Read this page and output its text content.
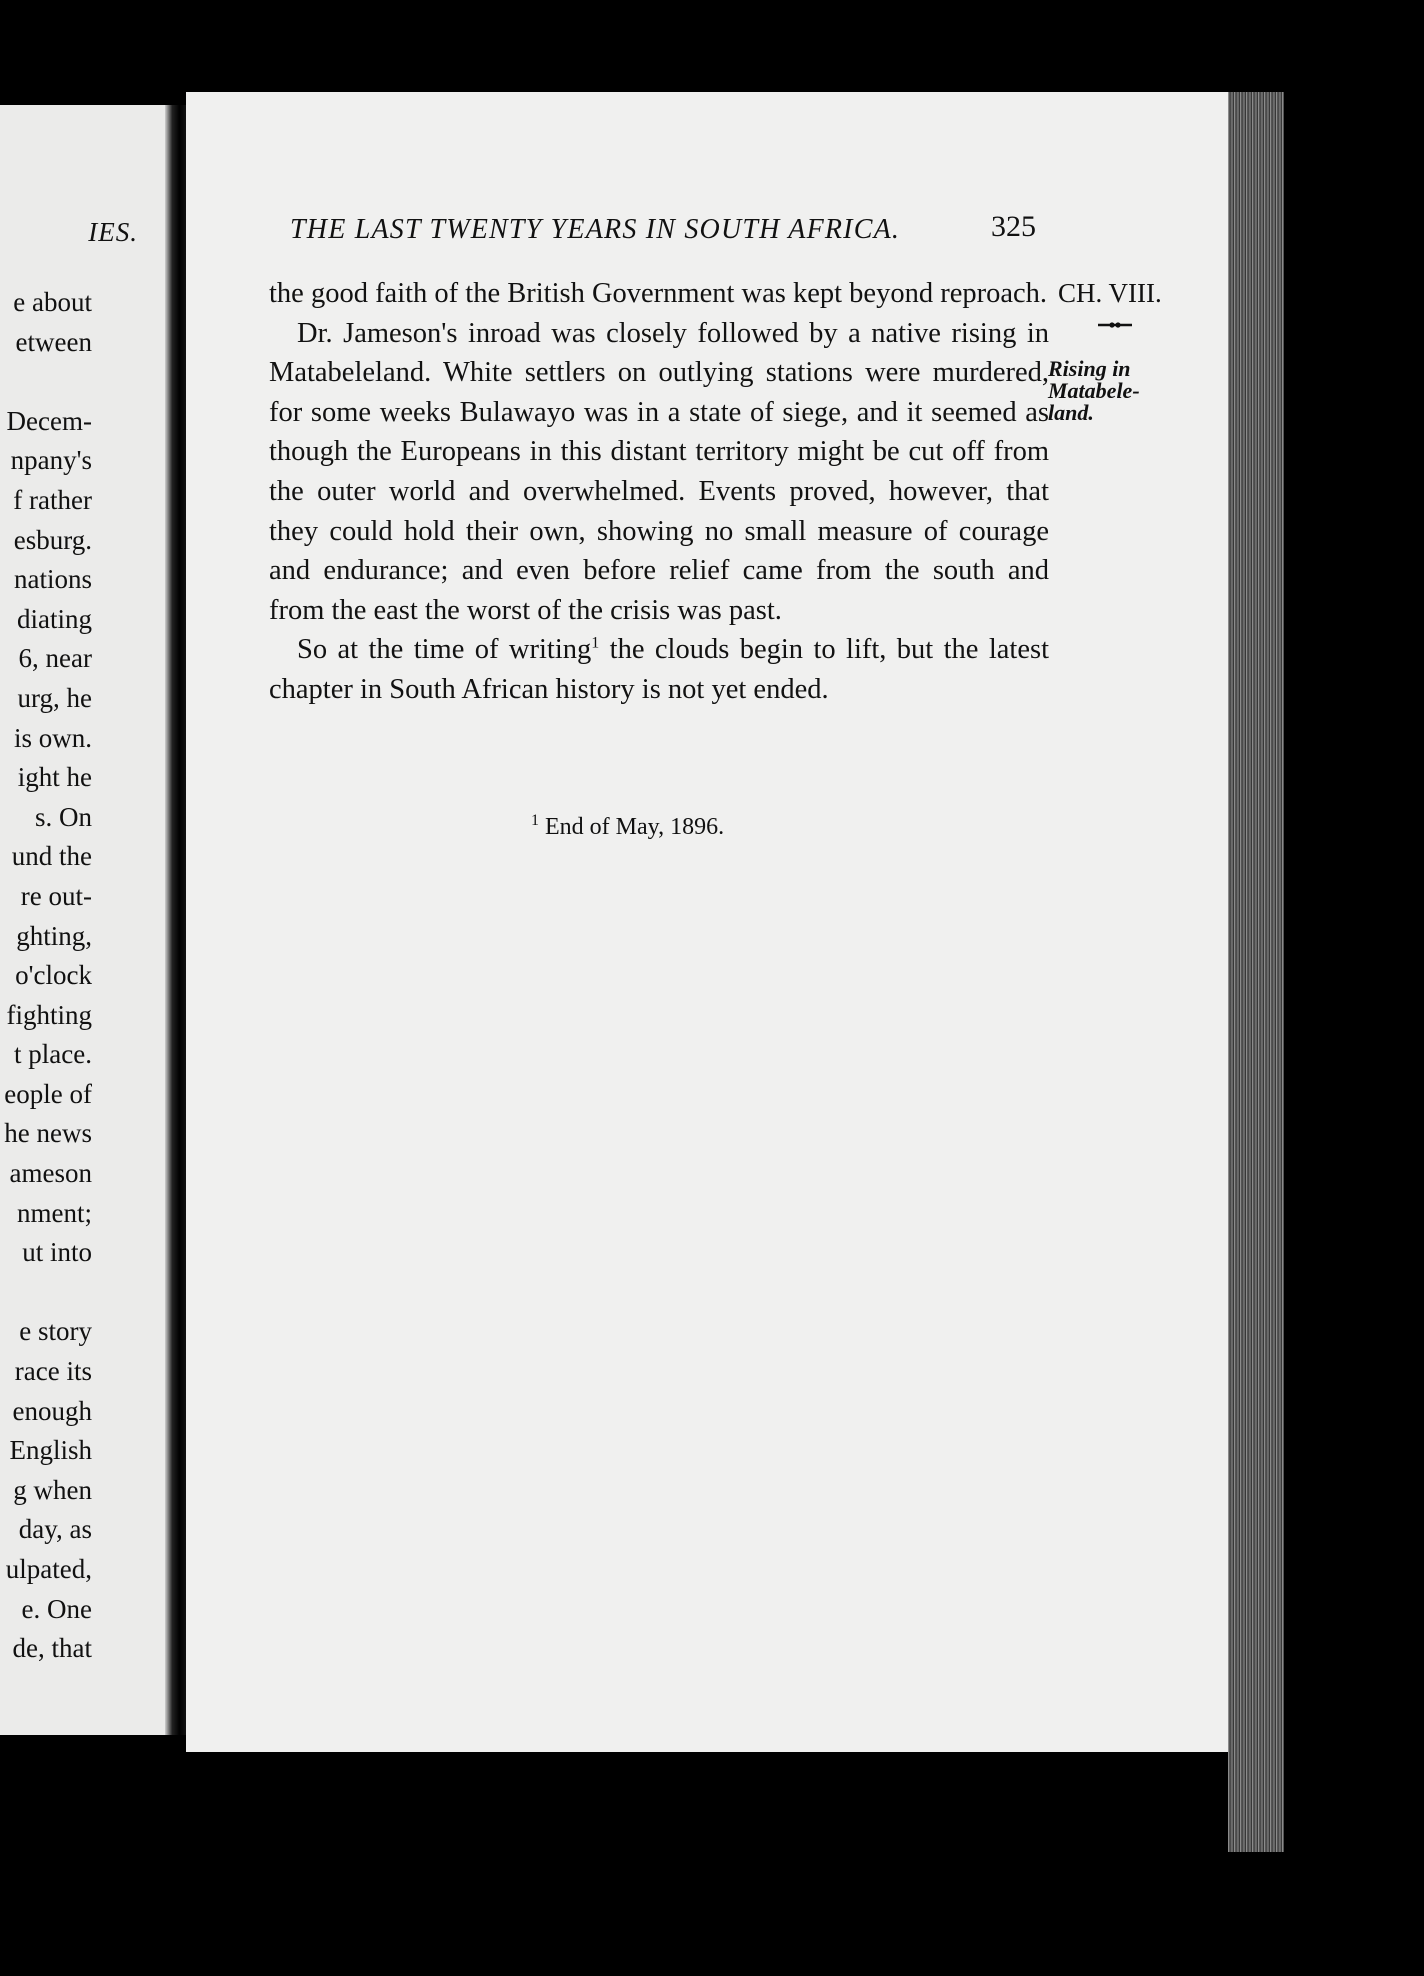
IES.
e about
etween
Decem-
npany's
f rather
esburg.
nations
diating
6, near
urg, he
is own.
ight he
s. On
und the
re out-
ghting,
o'clock
fighting
t place.
eople of
he news
ameson
nment;
ut into
e story
race its
enough
English
g when
day, as
ulpated,
e. One
de, that
THE LAST TWENTY YEARS IN SOUTH AFRICA.	325
CH. VIII.
Rising in
Matabele-
land.

the good faith of the British Government was kept beyond reproach.

Dr. Jameson's inroad was closely followed by a native rising in Matabeleland. White settlers on outlying stations were murdered, for some weeks Bulawayo was in a state of siege, and it seemed as though the Europeans in this distant territory might be cut off from the outer world and overwhelmed. Events proved, however, that they could hold their own, showing no small measure of courage and endurance; and even before relief came from the south and from the east the worst of the crisis was past.

So at the time of writing$^1$ the clouds begin to lift, but the latest chapter in South African history is not yet ended.

$^1$ End of May, 1896.
